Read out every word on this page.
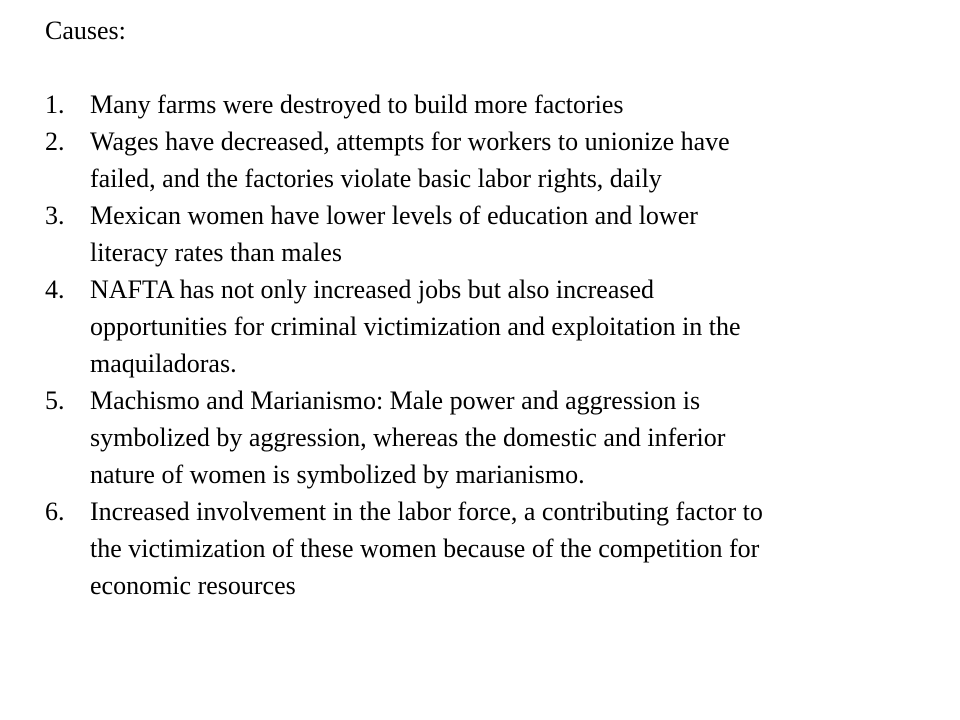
Causes:
1. Many farms were destroyed to build more factories
2. Wages have decreased, attempts for workers to unionize have
failed, and the factories violate basic labor rights, daily
3. Mexican women have lower levels of education and lower
literacy rates than males
4. NAFTA has not only increased jobs but also increased
opportunities for criminal victimization and exploitation in the
maquiladoras.
5. Machismo and Marianismo: Male power and aggression is
symbolized by aggression, whereas the domestic and inferior
nature of women is symbolized by marianismo.
6. Increased involvement in the labor force, a contributing factor to
the victimization of these women because of the competition for
economic resources
